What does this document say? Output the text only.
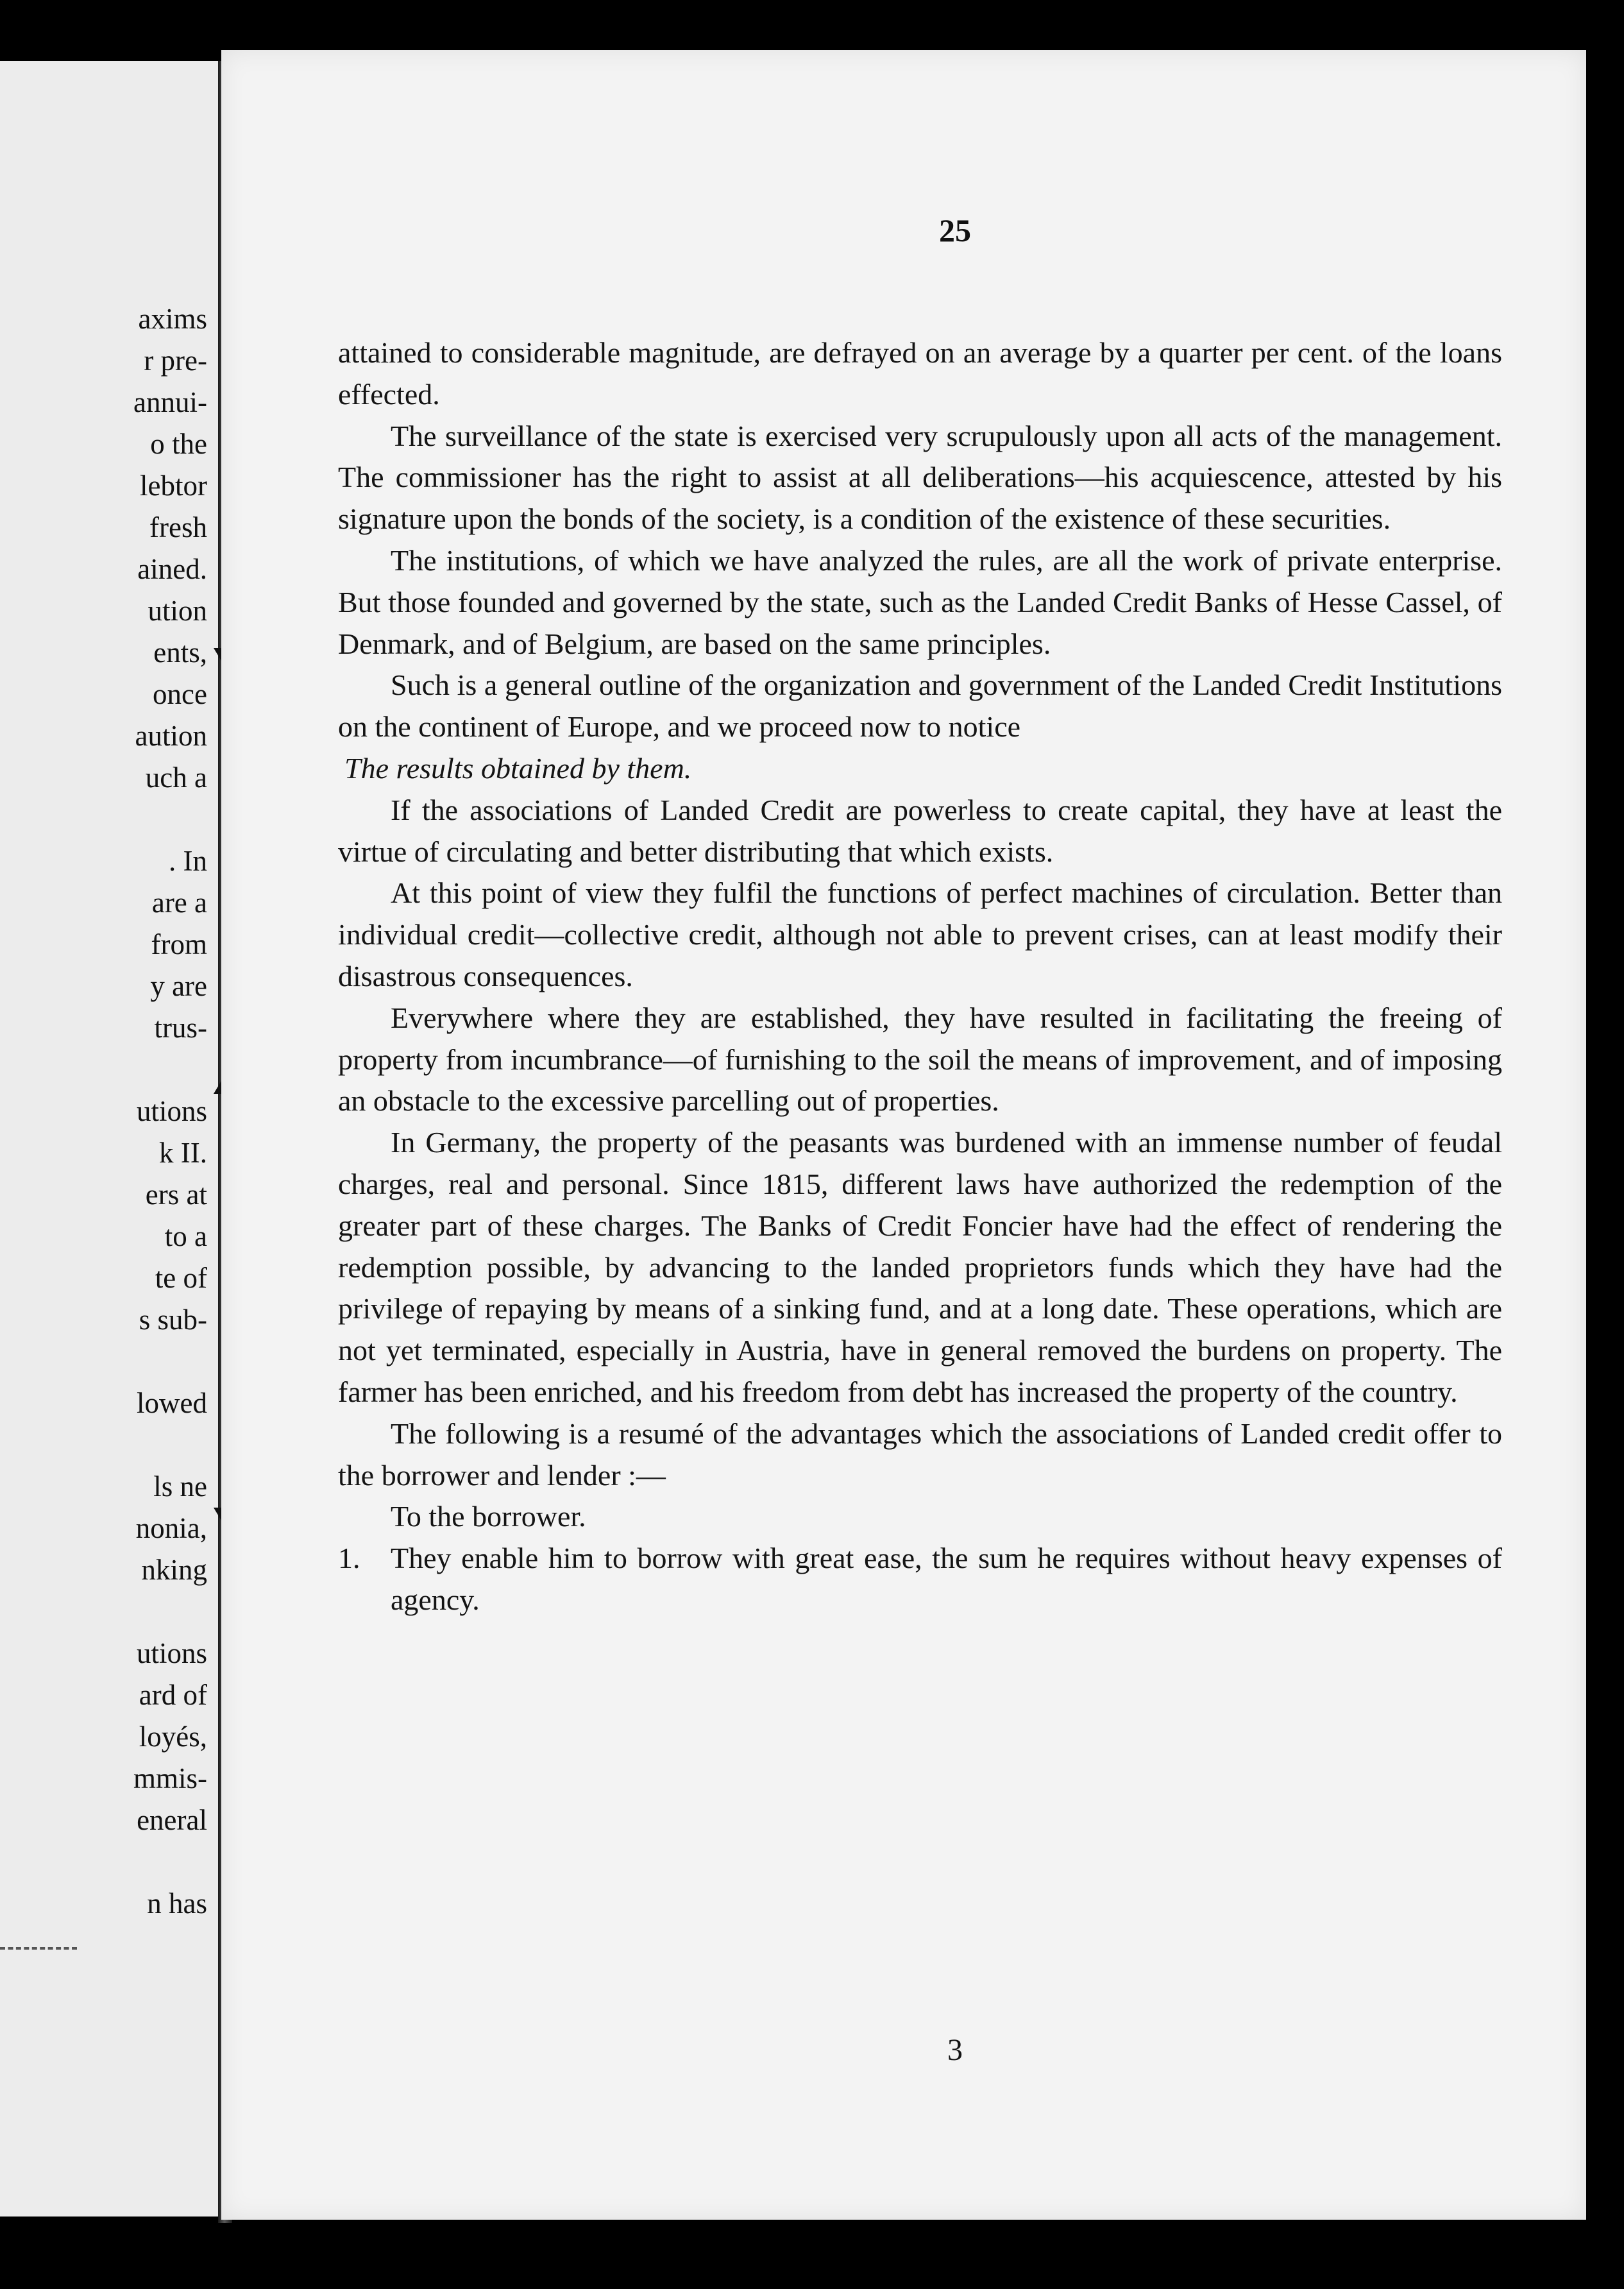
axims
r pre-
annui-
o the
lebtor
fresh
ained.
ution
ents,
once
aution
uch a
. In
are a
from
y are
trus-
utions
k II.
ers at
to a
te of
s sub-
lowed
ls ne
nonia,
nking
utions
ard of
loyés,
mmis-
eneral
n has
25

attained to considerable magnitude, are defrayed on an average by a quarter per cent. of the loans effected.

The surveillance of the state is exercised very scrupulously upon all acts of the management. The commissioner has the right to assist at all deliberations—his acquiescence, attested by his signature upon the bonds of the society, is a condition of the existence of these securities.

The institutions, of which we have analyzed the rules, are all the work of private enterprise. But those founded and governed by the state, such as the Landed Credit Banks of Hesse Cassel, of Denmark, and of Belgium, are based on the same principles.

Such is a general outline of the organization and government of the Landed Credit Institutions on the continent of Europe, and we proceed now to notice

The results obtained by them.

If the associations of Landed Credit are powerless to create capital, they have at least the virtue of circulating and better distributing that which exists.

At this point of view they fulfil the functions of perfect machines of circulation. Better than individual credit—collective credit, although not able to prevent crises, can at least modify their disastrous consequences.

Everywhere where they are established, they have resulted in facilitating the freeing of property from incumbrance—of furnishing to the soil the means of improvement, and of imposing an obstacle to the excessive parcelling out of properties.

In Germany, the property of the peasants was burdened with an immense number of feudal charges, real and personal. Since 1815, different laws have authorized the redemption of the greater part of these charges. The Banks of Credit Foncier have had the effect of rendering the redemption possible, by advancing to the landed proprietors funds which they have had the privilege of repaying by means of a sinking fund, and at a long date. These operations, which are not yet terminated, especially in Austria, have in general removed the burdens on property. The farmer has been enriched, and his freedom from debt has increased the property of the country.

The following is a resumé of the advantages which the associations of Landed credit offer to the borrower and lender :—

To the borrower.

1.	They enable him to borrow with great ease, the sum he requires without heavy expenses of agency.
3
